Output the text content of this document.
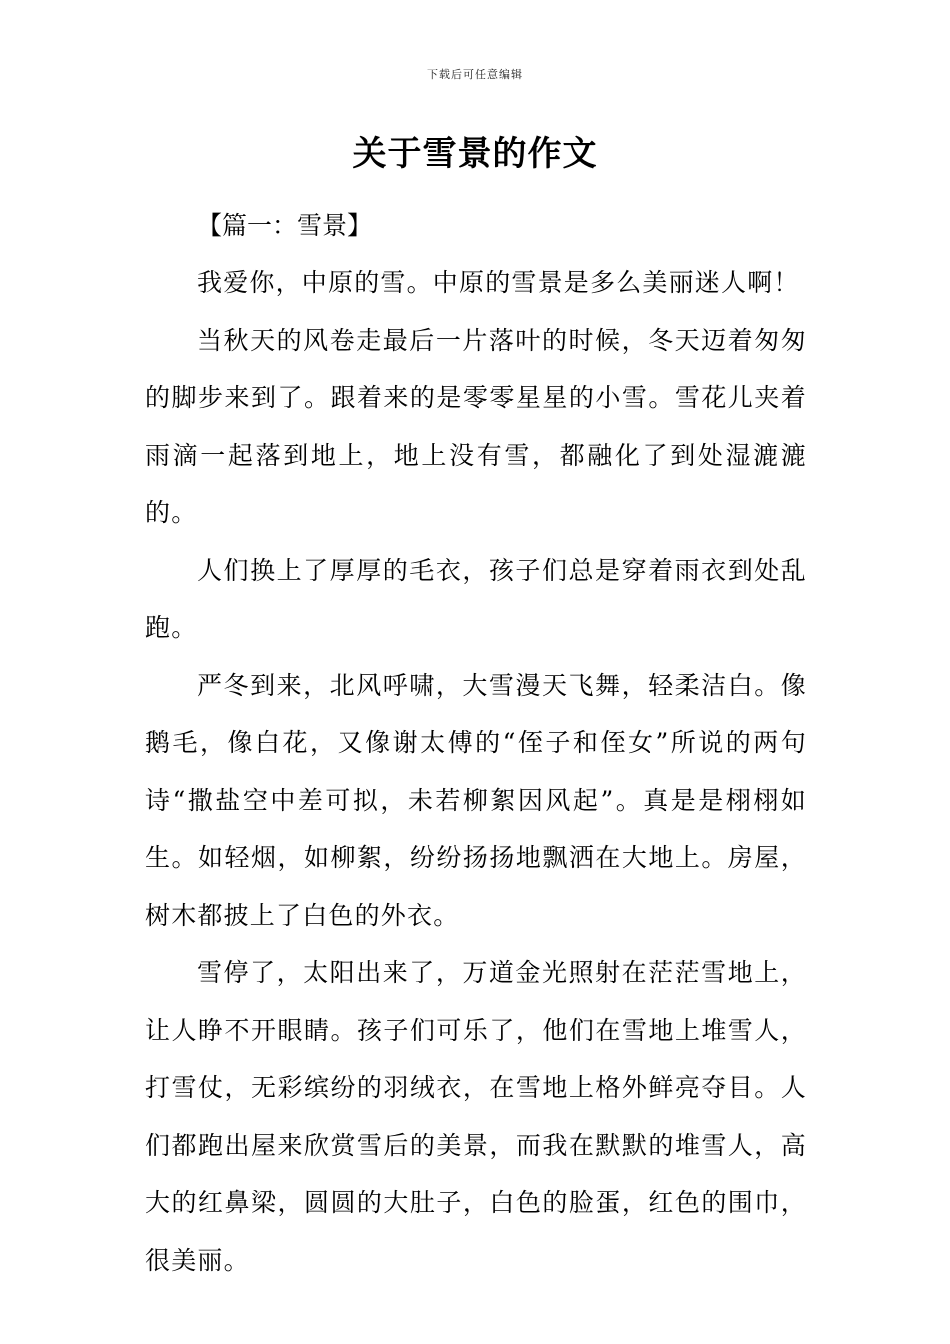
下载后可任意编辑
关于雪景的作文
【篇一：雪景】

我爱你，中原的雪。中原的雪景是多么美丽迷人啊！

当秋天的风卷走最后一片落叶的时候，冬天迈着匆匆的脚步来到了。跟着来的是零零星星的小雪。雪花儿夹着雨滴一起落到地上，地上没有雪，都融化了到处湿漉漉的。

人们换上了厚厚的毛衣，孩子们总是穿着雨衣到处乱跑。

严冬到来，北风呼啸，大雪漫天飞舞，轻柔洁白。像鹅毛，像白花，又像谢太傅的“侄子和侄女”所说的两句诗“撒盐空中差可拟，未若柳絮因风起”。真是是栩栩如生。如轻烟，如柳絮，纷纷扬扬地飘洒在大地上。房屋，树木都披上了白色的外衣。

雪停了，太阳出来了，万道金光照射在茫茫雪地上，让人睁不开眼睛。孩子们可乐了，他们在雪地上堆雪人，打雪仗，无彩缤纷的羽绒衣，在雪地上格外鲜亮夺目。人们都跑出屋来欣赏雪后的美景，而我在默默的堆雪人，高大的红鼻梁，圆圆的大肚子，白色的脸蛋，红色的围巾，很美丽。
